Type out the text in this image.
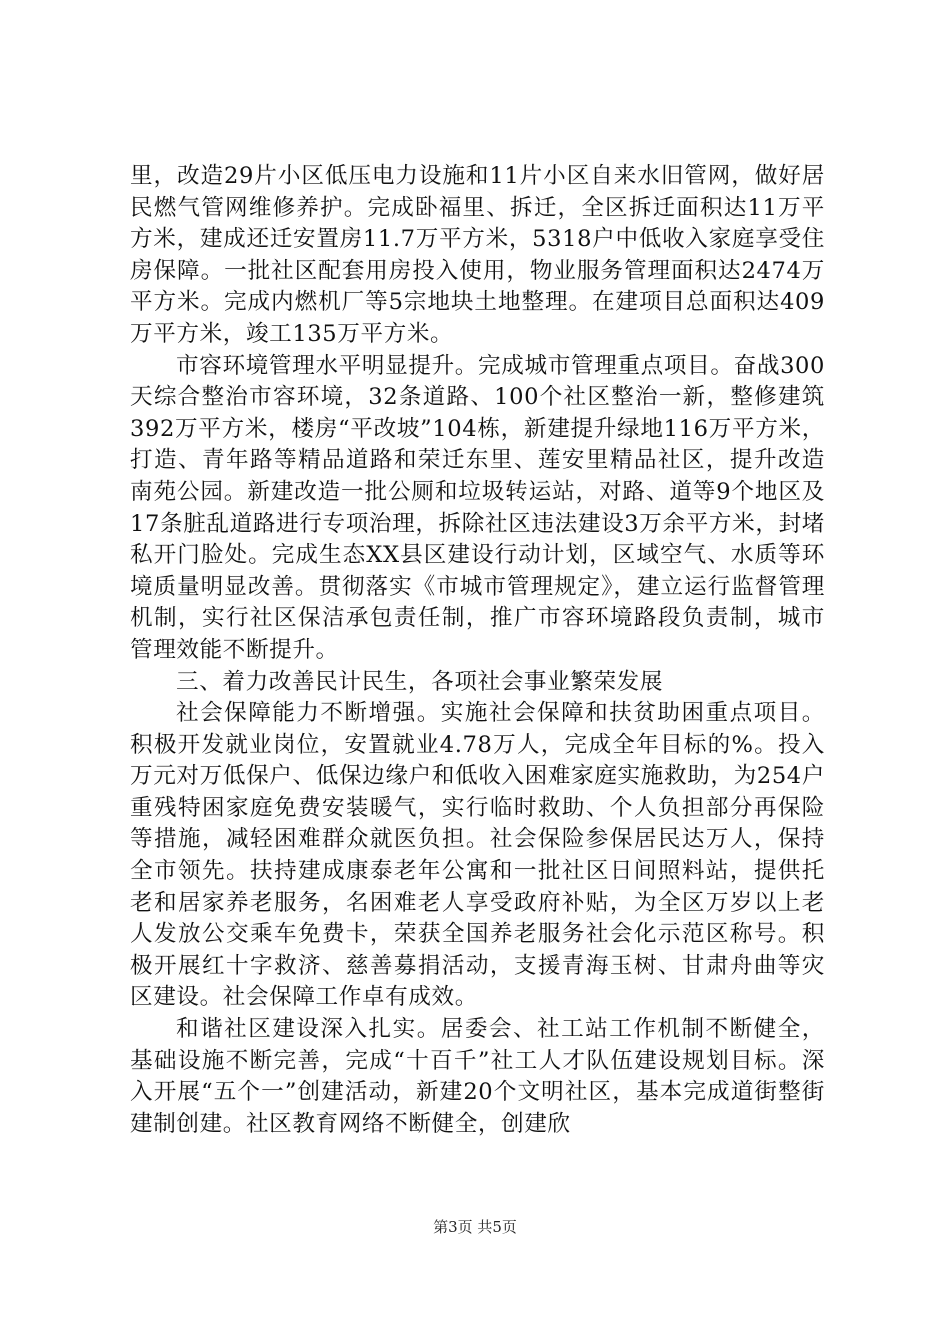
里，改造29片小区低压电力设施和11片小区自来水旧管网，做好居民燃气管网维修养护。完成卧福里、拆迁，全区拆迁面积达11万平方米，建成还迁安置房11.7万平方米，5318户中低收入家庭享受住房保障。一批社区配套用房投入使用，物业服务管理面积达2474万平方米。完成内燃机厂等5宗地块土地整理。在建项目总面积达409万平方米，竣工135万平方米。

市容环境管理水平明显提升。完成城市管理重点项目。奋战300天综合整治市容环境，32条道路、100个社区整治一新，整修建筑392万平方米，楼房“平改坡”104栋，新建提升绿地116万平方米，打造、青年路等精品道路和荣迁东里、莲安里精品社区，提升改造南苑公园。新建改造一批公厕和垃圾转运站，对路、道等9个地区及17条脏乱道路进行专项治理，拆除社区违法建设3万余平方米，封堵私开门脸处。完成生态XX县区建设行动计划，区域空气、水质等环境质量明显改善。贯彻落实《市城市管理规定》，建立运行监督管理机制，实行社区保洁承包责任制，推广市容环境路段负责制，城市管理效能不断提升。

三、着力改善民计民生，各项社会事业繁荣发展

社会保障能力不断增强。实施社会保障和扶贫助困重点项目。积极开发就业岗位，安置就业4.78万人，完成全年目标的%。投入万元对万低保户、低保边缘户和低收入困难家庭实施救助，为254户重残特困家庭免费安装暖气，实行临时救助、个人负担部分再保险等措施，减轻困难群众就医负担。社会保险参保居民达万人，保持全市领先。扶持建成康泰老年公寓和一批社区日间照料站，提供托老和居家养老服务，名困难老人享受政府补贴，为全区万岁以上老人发放公交乘车免费卡，荣获全国养老服务社会化示范区称号。积极开展红十字救济、慈善募捐活动，支援青海玉树、甘肃舟曲等灾区建设。社会保障工作卓有成效。

和谐社区建设深入扎实。居委会、社工站工作机制不断健全，基础设施不断完善，完成“十百千”社工人才队伍建设规划目标。深入开展“五个一”创建活动，新建20个文明社区，基本完成道街整街建制创建。社区教育网络不断健全，创建欣

第3页 共5页
